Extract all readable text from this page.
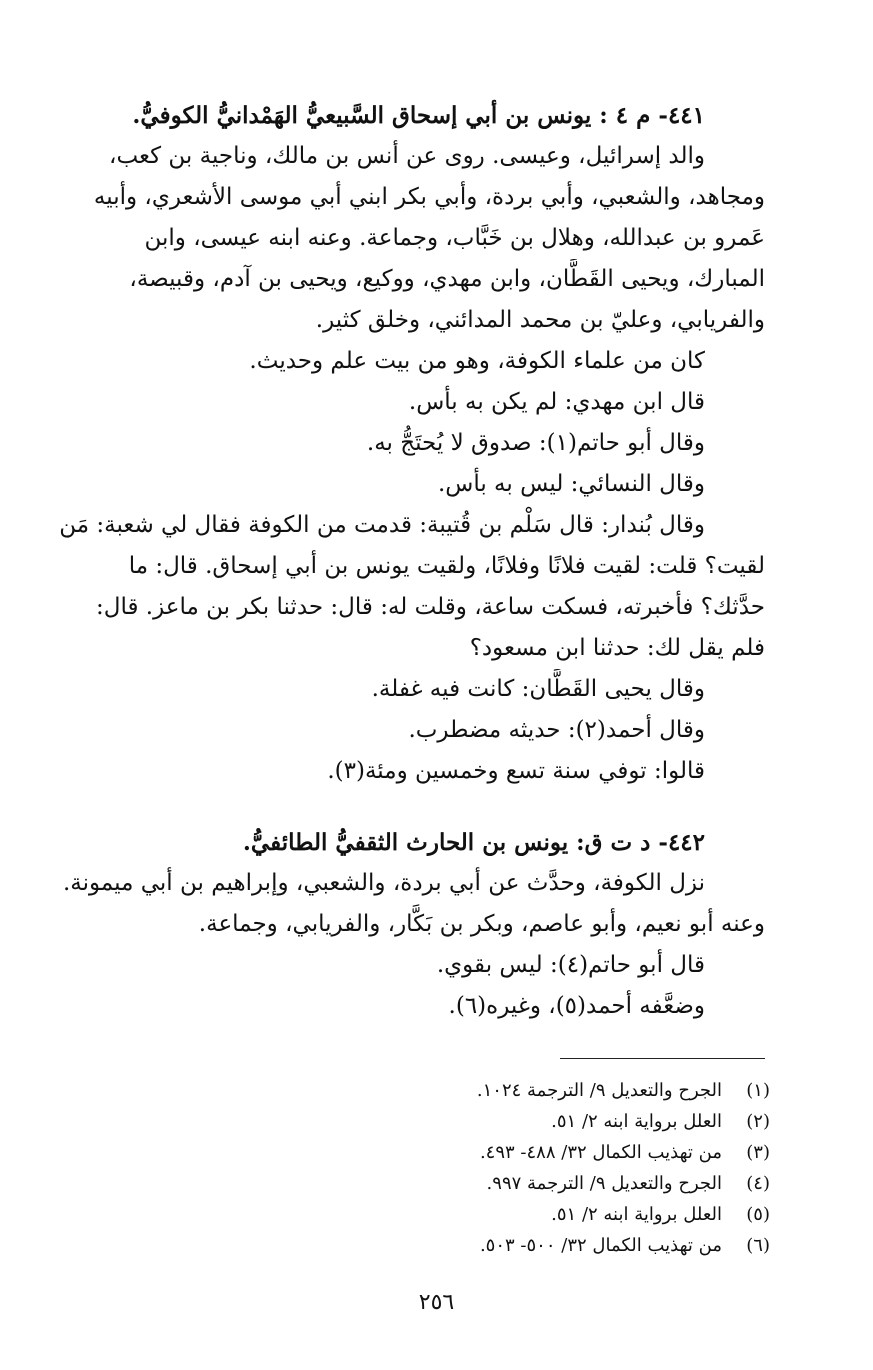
٤٤١- م ٤ : يونس بن أبي إسحاق السَّبيعيُّ الهَمْدانيُّ الكوفيُّ.
والد إسرائيل، وعيسى. روى عن أنس بن مالك، وناجية بن كعب،
ومجاهد، والشعبي، وأبي بردة، وأبي بكر ابني أبي موسى الأشعري، وأبيه
عَمرو بن عبدالله، وهلال بن خَبَّاب، وجماعة. وعنه ابنه عيسى، وابن
المبارك، ويحيى القَطَّان، وابن مهدي، ووكيع، ويحيى بن آدم، وقبيصة،
والفريابي، وعليّ بن محمد المدائني، وخلق كثير.
كان من علماء الكوفة، وهو من بيت علم وحديث.
قال ابن مهدي: لم يكن به بأس.
وقال أبو حاتم(١): صدوق لا يُحتَجُّ به.
وقال النسائي: ليس به بأس.
وقال بُندار: قال سَلْم بن قُتيبة: قدمت من الكوفة فقال لي شعبة: مَن
لقيت؟ قلت: لقيت فلانًا وفلانًا، ولقيت يونس بن أبي إسحاق. قال: ما
حدَّثك؟ فأخبرته، فسكت ساعة، وقلت له: قال: حدثنا بكر بن ماعز. قال:
فلم يقل لك: حدثنا ابن مسعود؟
وقال يحيى القَطَّان: كانت فيه غفلة.
وقال أحمد(٢): حديثه مضطرب.
قالوا: توفي سنة تسع وخمسين ومئة(٣).
٤٤٢- د ت ق: يونس بن الحارث الثقفيُّ الطائفيُّ.
نزل الكوفة، وحدَّث عن أبي بردة، والشعبي، وإبراهيم بن أبي ميمونة.
وعنه أبو نعيم، وأبو عاصم، وبكر بن بَكَّار، والفريابي، وجماعة.
قال أبو حاتم(٤): ليس بقوي.
وضعَّفه أحمد(٥)، وغيره(٦).
(١)الجرح والتعديل ٩/ الترجمة ١٠٢٤.
(٢)العلل برواية ابنه ٢/ ٥١.
(٣)من تهذيب الكمال ٣٢/ ٤٨٨- ٤٩٣.
(٤)الجرح والتعديل ٩/ الترجمة ٩٩٧.
(٥)العلل برواية ابنه ٢/ ٥١.
(٦)من تهذيب الكمال ٣٢/ ٥٠٠- ٥٠٣.
٢٥٦
